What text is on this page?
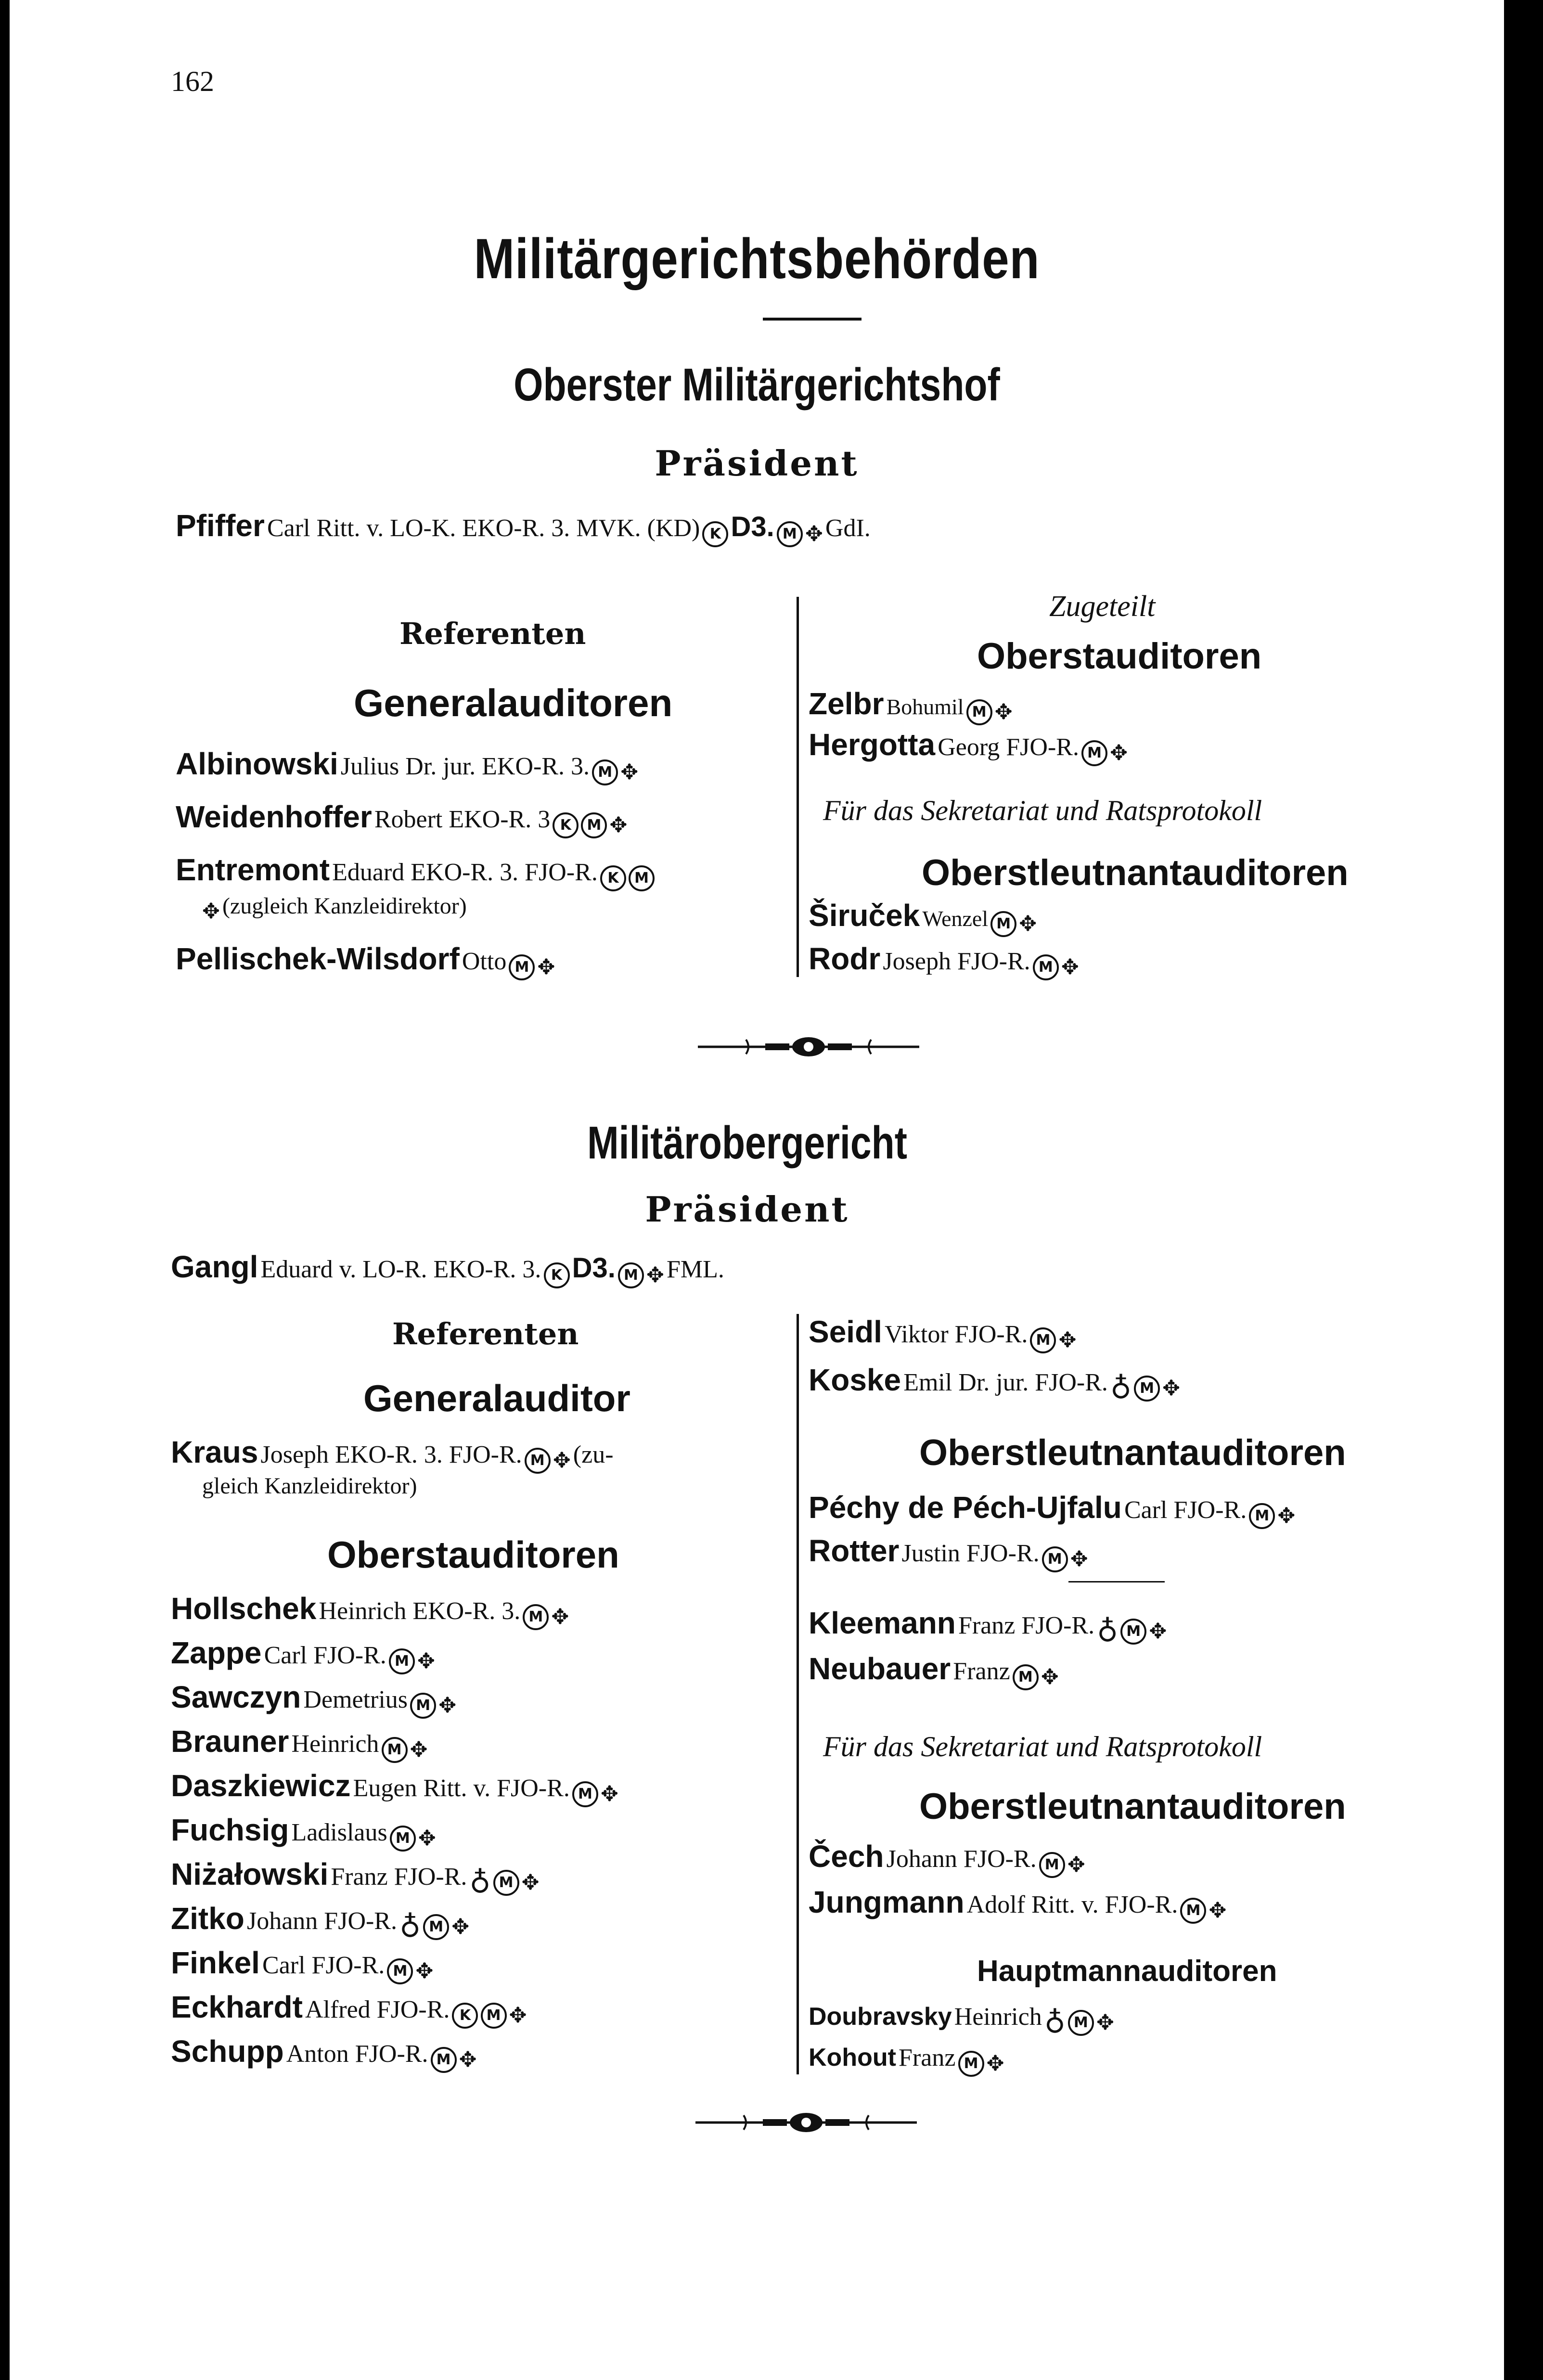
162
Militärgerichtsbehörden
Oberster Militärgerichtshof
Präsident
Pfiffer Carl Ritt. v. LO-K. EKO-R. 3. MVK. (KD) K D3. M ✥ GdI.
Referenten
Generalauditoren
Albinowski Julius Dr. jur. EKO-R. 3. M ✥
Weidenhoffer Robert EKO-R. 3 K M ✥
Entremont Eduard EKO-R. 3. FJO-R. K M
✥ (zugleich Kanzleidirektor)
Pellischek-Wilsdorf Otto M ✥
Zugeteilt
Oberstauditoren
Zelbr Bohumil M ✥
Hergotta Georg FJO-R. M ✥
Für das Sekretariat und Ratsprotokoll
Oberstleutnantauditoren
Širuček Wenzel M ✥
Rodr Joseph FJO-R. M ✥
Militärobergericht
Präsident
Gangl Eduard v. LO-R. EKO-R. 3. K D3. M ✥ FML.
Referenten
Generalauditor
Kraus Joseph EKO-R. 3. FJO-R. M ✥ (zu-
gleich Kanzleidirektor)
Oberstauditoren
Hollschek Heinrich EKO-R. 3. M ✥
Zappe Carl FJO-R. M ✥
Sawczyn Demetrius M ✥
Brauner Heinrich M ✥
Daszkiewicz Eugen Ritt. v. FJO-R. M ✥
Fuchsig Ladislaus M ✥
Niżałowski Franz FJO-R. ♁ M ✥
Zitko Johann FJO-R. ♁ M ✥
Finkel Carl FJO-R. M ✥
Eckhardt Alfred FJO-R. K M ✥
Schupp Anton FJO-R. M ✥
Seidl Viktor FJO-R. M ✥
Koske Emil Dr. jur. FJO-R. ♁ M ✥
Oberstleutnantauditoren
Péchy de Péch-Ujfalu Carl FJO-R. M ✥
Rotter Justin FJO-R. M ✥
Kleemann Franz FJO-R. ♁ M ✥
Neubauer Franz M ✥
Für das Sekretariat und Ratsprotokoll
Oberstleutnantauditoren
Čech Johann FJO-R. M ✥
Jungmann Adolf Ritt. v. FJO-R. M ✥
Hauptmannauditoren
Doubravsky Heinrich ♁ M ✥
Kohout Franz M ✥
